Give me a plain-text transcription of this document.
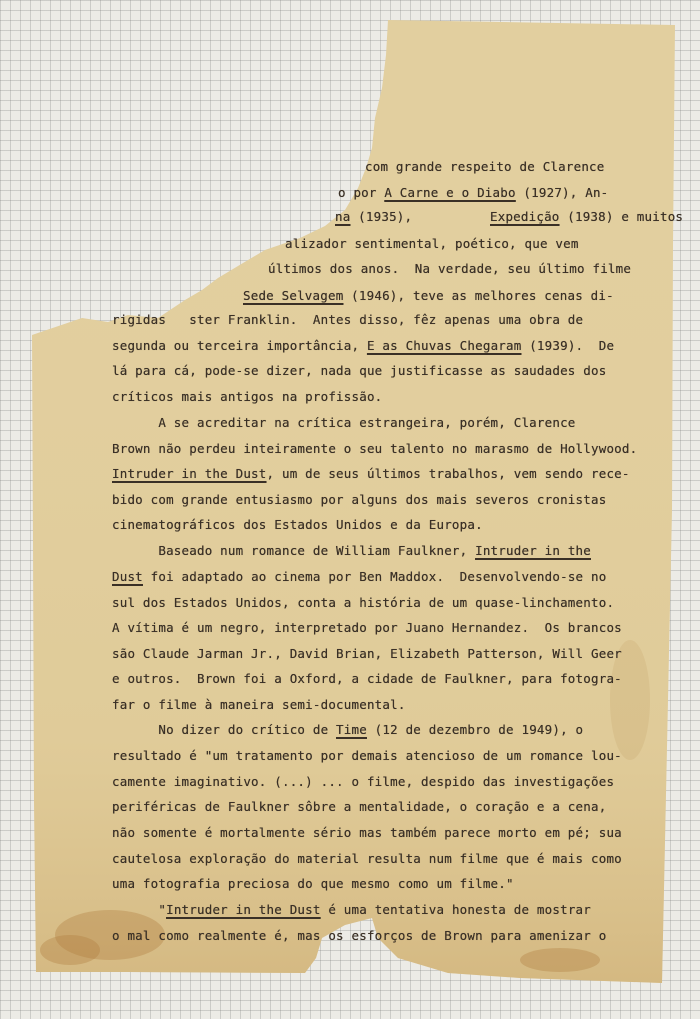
com grande respeito de Clarence
o por A Carne e o Diabo (1927), An-
na (1935),	Expedição (1938) e muitos
alizador sentimental, poético, que vem
últimos dos anos.  Na verdade, seu último filme
Sede Selvagem (1946), teve as melhores cenas di-
rigidas   ster Franklin.  Antes disso, fêz apenas uma obra de
segunda ou terceira importância, E as Chuvas Chegaram (1939).  De
lá para cá, pode-se dizer, nada que justificasse as saudades dos
críticos mais antigos na profissão.
A se acreditar na crítica estrangeira, porém, Clarence
Brown não perdeu inteiramente o seu talento no marasmo de Hollywood.
Intruder in the Dust, um de seus últimos trabalhos, vem sendo rece-
bido com grande entusiasmo por alguns dos mais severos cronistas
cinematográficos dos Estados Unidos e da Europa.
Baseado num romance de William Faulkner, Intruder in the
Dust foi adaptado ao cinema por Ben Maddox.  Desenvolvendo-se no
sul dos Estados Unidos, conta a história de um quase-linchamento.
A vítima é um negro, interpretado por Juano Hernandez.  Os brancos
são Claude Jarman Jr., David Brian, Elizabeth Patterson, Will Geer
e outros.  Brown foi a Oxford, a cidade de Faulkner, para fotogra-
far o filme à maneira semi-documental.
No dizer do crítico de Time (12 de dezembro de 1949), o
resultado é "um tratamento por demais atencioso de um romance lou-
camente imaginativo. (...) ... o filme, despido das investigações
periféricas de Faulkner sôbre a mentalidade, o coração e a cena,
não somente é mortalmente sério mas também parece morto em pé; sua
cautelosa exploração do material resulta num filme que é mais como
uma fotografia preciosa do que mesmo como um filme."
"Intruder in the Dust é uma tentativa honesta de mostrar
o mal como realmente é, mas os esforços de Brown para amenizar o
